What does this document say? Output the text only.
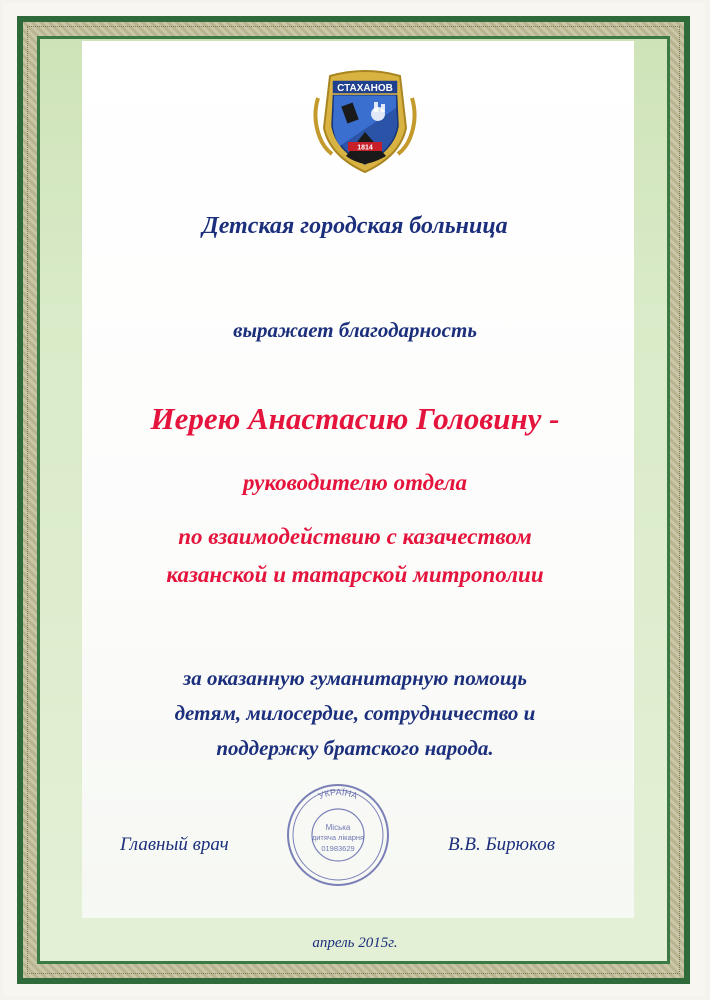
СТАХАНОВ
1814
Детская городская больница
выражает благодарность
Иерею Анастасию Головину -
руководителю отдела
по взаимодействию с казачеством
казанской и татарской митрополии
за оказанную гуманитарную помощь
детям, милосердие, сотрудничество и
поддержку братского народа.
УКРАЇНА
Міська
дитяча лікарня
01983629
Главный врач	В.В. Бирюков
апрель 2015г.
